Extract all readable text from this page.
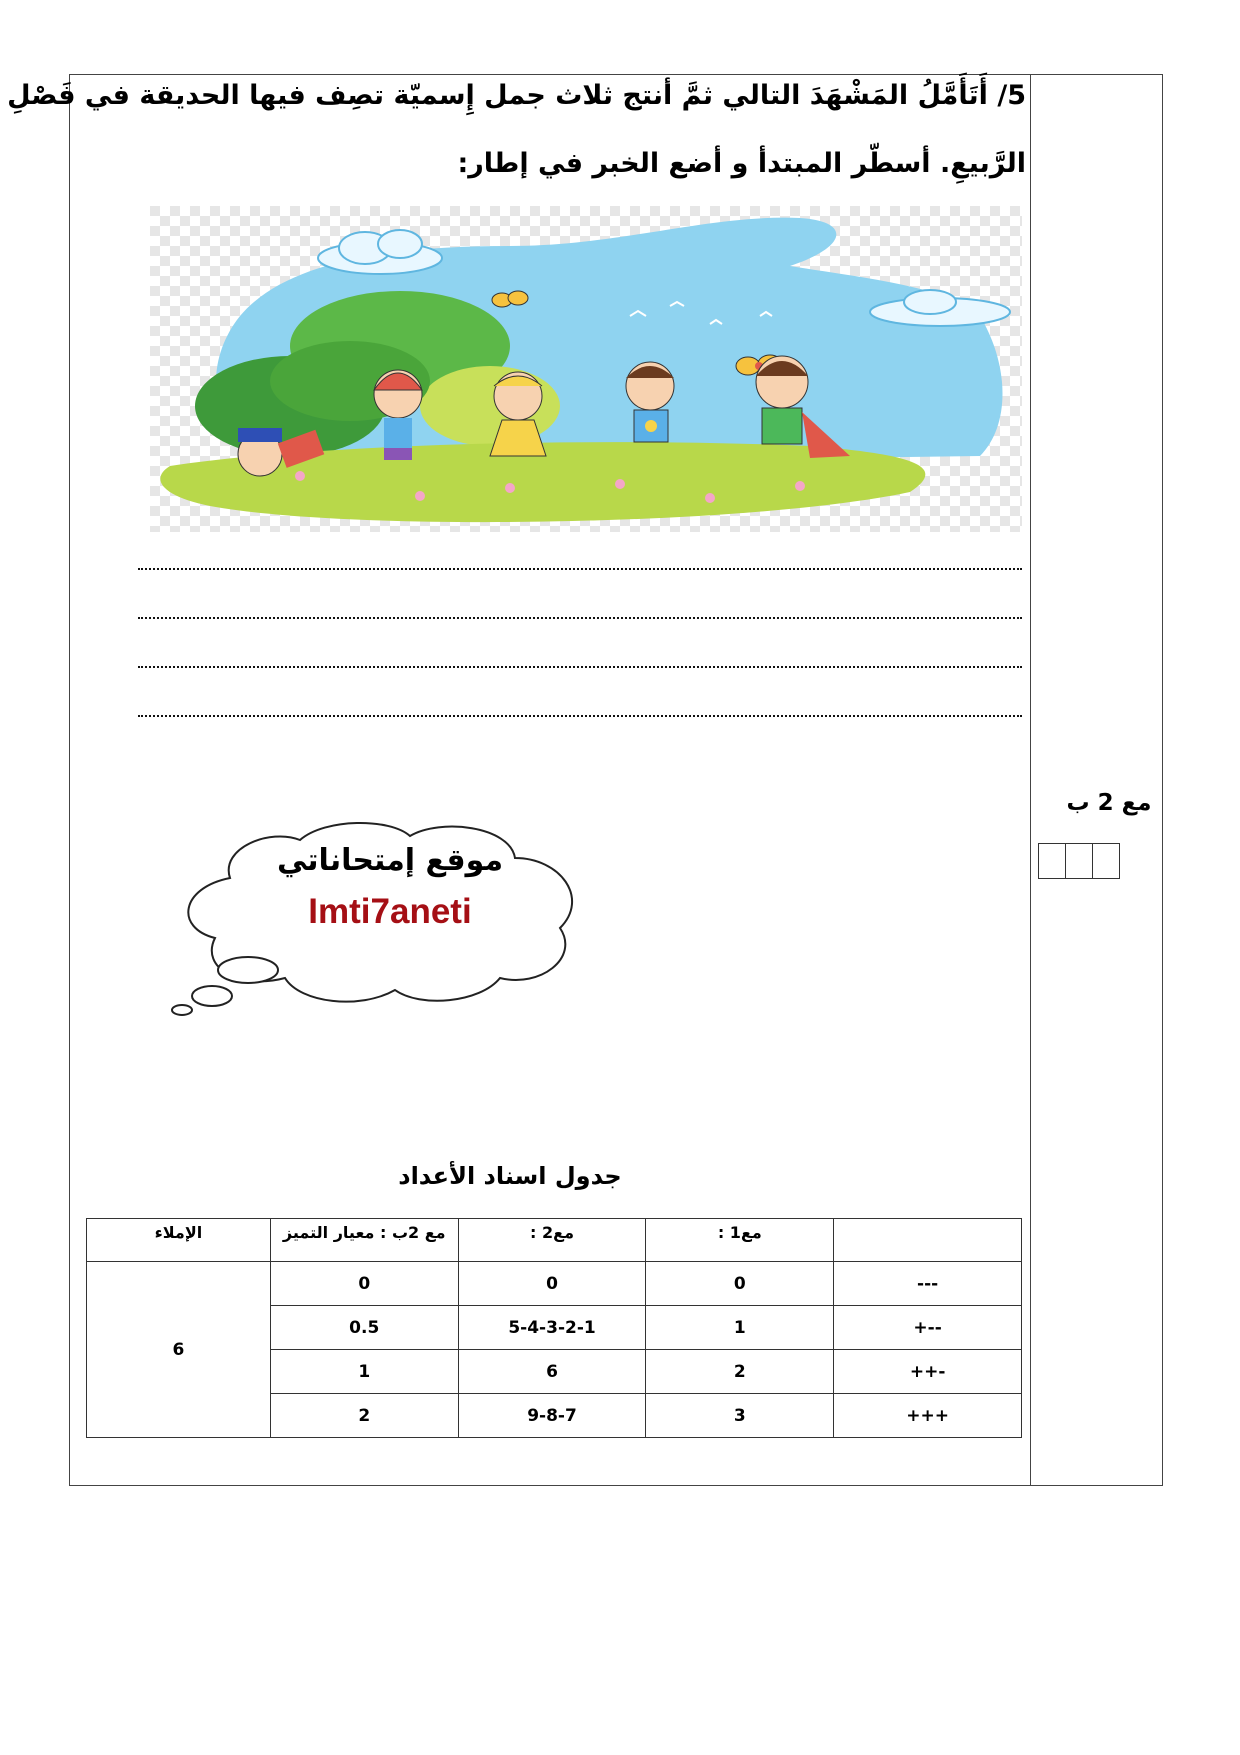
5/ أَتَأَمَّلُ المَشْهَدَ التالي ثمَّ أنتج ثلاث جمل إِسميّة تصِف فيها الحديقة في فَصْلِ
الرَّبيعِ. أسطّر المبتدأ و أضع الخبر في إطار:
مع 2 ب
موقع إمتحاناتي
Imti7aneti
جدول اسناد الأعداد
	مع1 :	مع2 :	مع 2ب : معيار التميز	الإملاء
---	0	0	0	6
+--	1	5-4-3-2-1	0.5	
++-	2	6	1	
+++	3	9-8-7	2	
